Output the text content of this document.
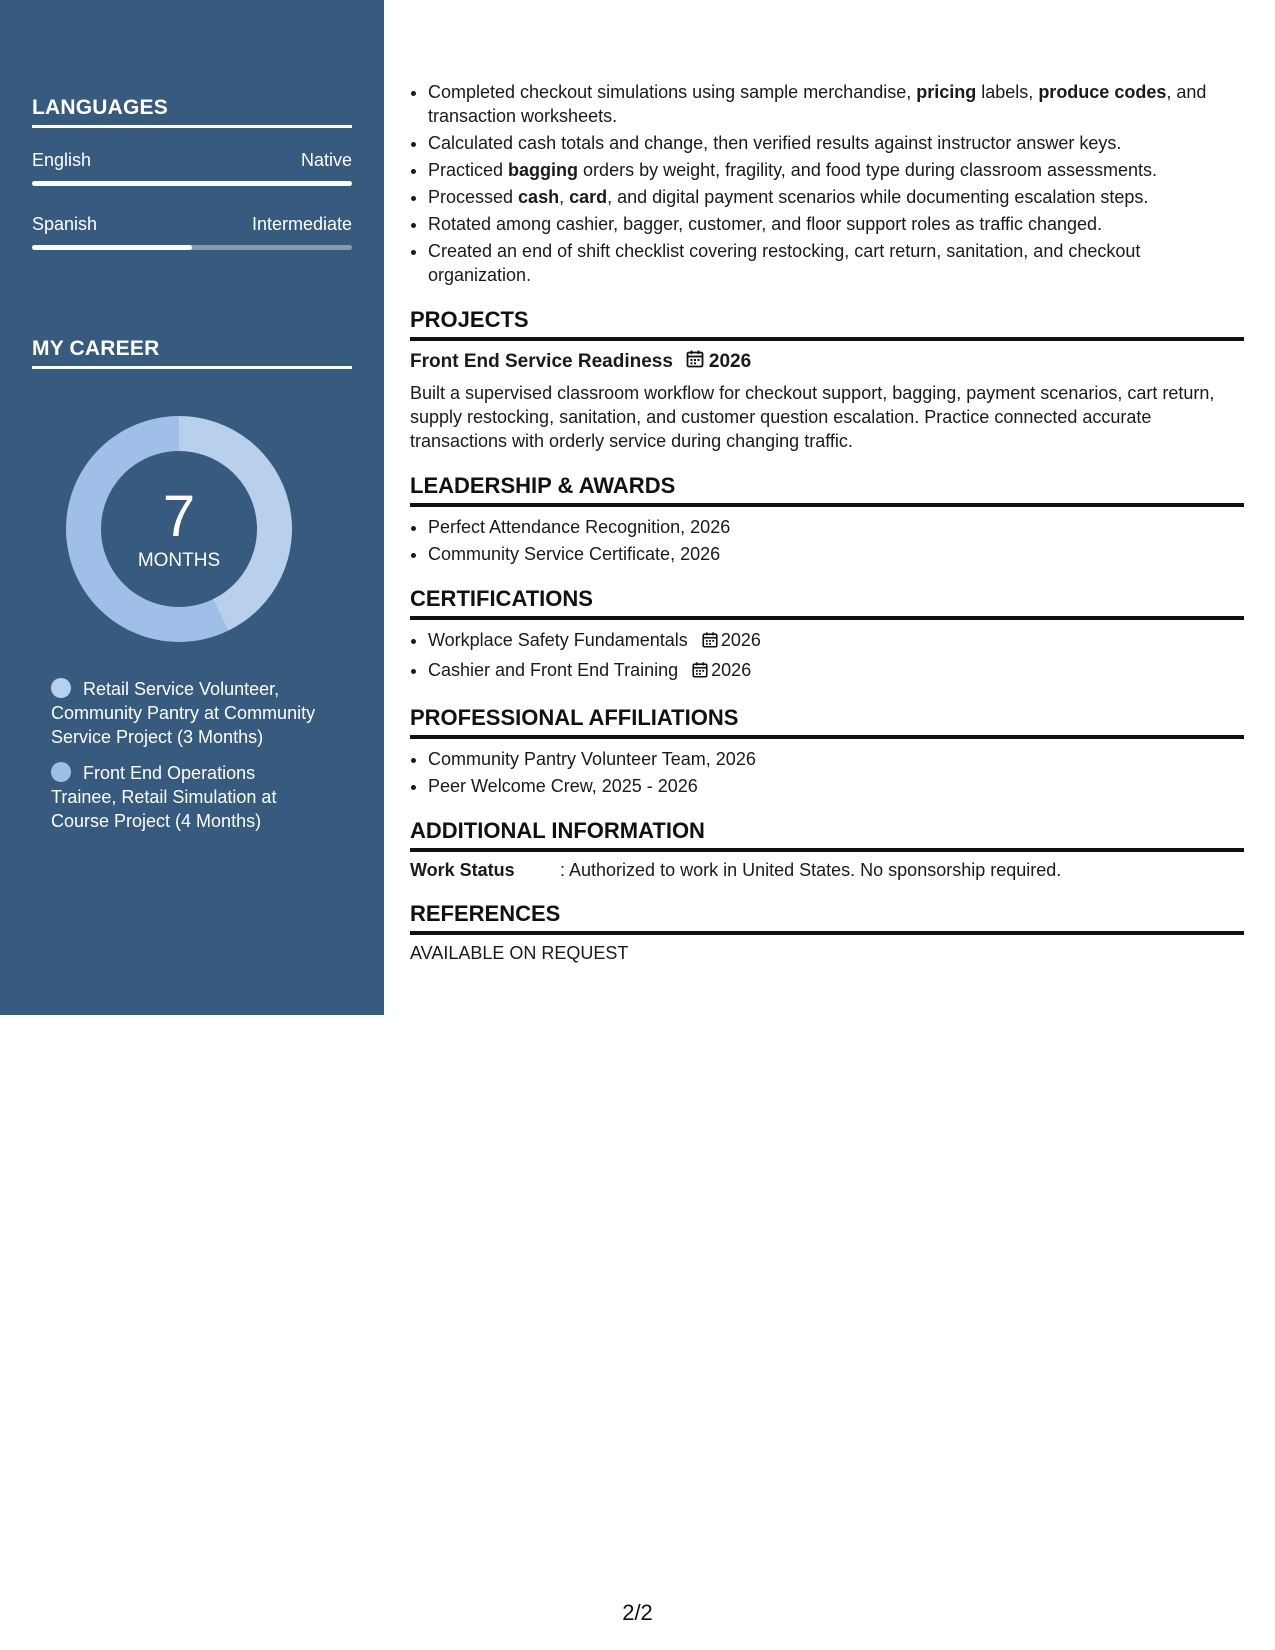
LANGUAGES
English	Native
Spanish	Intermediate
MY CAREER
7
MONTHS
Retail Service Volunteer, Community Pantry at Community Service Project (3 Months)
Front End Operations Trainee, Retail Simulation at Course Project (4 Months)
• Completed checkout simulations using sample merchandise, pricing labels, produce codes, and transaction worksheets.
• Calculated cash totals and change, then verified results against instructor answer keys.
• Practiced bagging orders by weight, fragility, and food type during classroom assessments.
• Processed cash, card, and digital payment scenarios while documenting escalation steps.
• Rotated among cashier, bagger, customer, and floor support roles as traffic changed.
• Created an end of shift checklist covering restocking, cart return, sanitation, and checkout organization.
PROJECTS
Front End Service Readiness 2026
Built a supervised classroom workflow for checkout support, bagging, payment scenarios, cart return, supply restocking, sanitation, and customer question escalation. Practice connected accurate transactions with orderly service during changing traffic.
LEADERSHIP & AWARDS
• Perfect Attendance Recognition, 2026
• Community Service Certificate, 2026
CERTIFICATIONS
• Workplace Safety Fundamentals 2026
• Cashier and Front End Training 2026
PROFESSIONAL AFFILIATIONS
• Community Pantry Volunteer Team, 2026
• Peer Welcome Crew, 2025 - 2026
ADDITIONAL INFORMATION
Work Status	: Authorized to work in United States. No sponsorship required.
REFERENCES
AVAILABLE ON REQUEST
2/2
